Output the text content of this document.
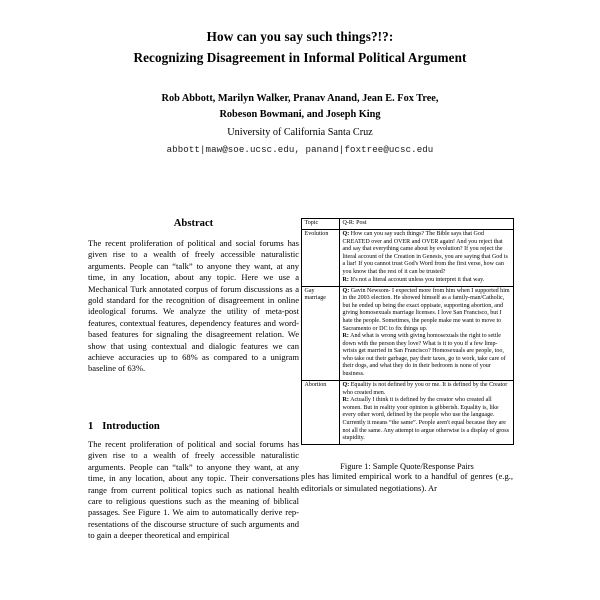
How can you say such things?!?:
Recognizing Disagreement in Informal Political Argument
Rob Abbott, Marilyn Walker, Pranav Anand, Jean E. Fox Tree,
Robeson Bowmani, and Joseph King
University of California Santa Cruz
abbott|maw@soe.ucsc.edu, panand|foxtree@ucsc.edu
Abstract

The recent proliferation of political and social forums has given rise to a wealth of freely accessible naturalistic arguments. People can “talk” to anyone they want, at any time, in any location, about any topic. Here we use a Mechanical Turk annotated corpus of forum discussions as a gold standard for the recognition of disagreement in online ideological forums. We analyze the utility of meta-post features, contextual features, dependency features and word-based features for signaling the disagreement relation. We show that using contextual and dialogic features we can achieve accuracies up to 68% as compared to a unigram baseline of 63%.

1 Introduction

The recent proliferation of political and social forums has given rise to a wealth of freely accessible naturalistic arguments. People can “talk” to anyone they want, at any time, in any location, about any topic. Their conversations range from current political topics such as national health care to religious questions such as the meaning of biblical passages. See Figure 1. We aim to automatically derive representations of the discourse structure of such arguments and to gain a deeper theoretical and empirical

Topic	Q-R: Post
Evolution	Q: How can you say such things? The Bible says that God CREATED over and OVER and OVER again! And you reject that and say that everything came about by evolution? If you reject the literal account of the Creation in Genesis, you are saying that God is a liar! If you cannot trust God's Word from the first verse, how can you know that the rest of it can be trusted?
R: It's not a literal account unless you interpret it that way.
Gay marriage	Q: Gavin Newsom- I expected more from him when I supported him in the 2003 election. He showed himself as a family-man/Catholic, but he ended up being the exact oppisate, supporting abortion, and giving homosexuals marriage licenses. I love San Francisco, but I hate the people. Sometimes, the people make me want to move to Sacramento or DC to fix things up.
R: And what is wrong with giving homosexuals the right to settle down with the person they love? What is it to you if a few limp-wrists get married in San Francisco? Homosexuals are people, too, who take out their garbage, pay their taxes, go to work, take care of their dogs, and what they do in their bedroom is none of your business.
Abortion	Q: Equality is not defined by you or me. It is defined by the Creator who created men.
R: Actually I think it is defined by the creator who created all women. But in reality your opinion is gibberish. Equality is, like every other word, defined by the people who use the language. Currently it means “the same”. People aren't equal because they are not all the same. Any attempt to argue otherwise is a display of gross stupidity.
Figure 1: Sample Quote/Response Pairs

ples has limited empirical work to a handful of genres (e.g., editorials or simulated negotiations). Ar
